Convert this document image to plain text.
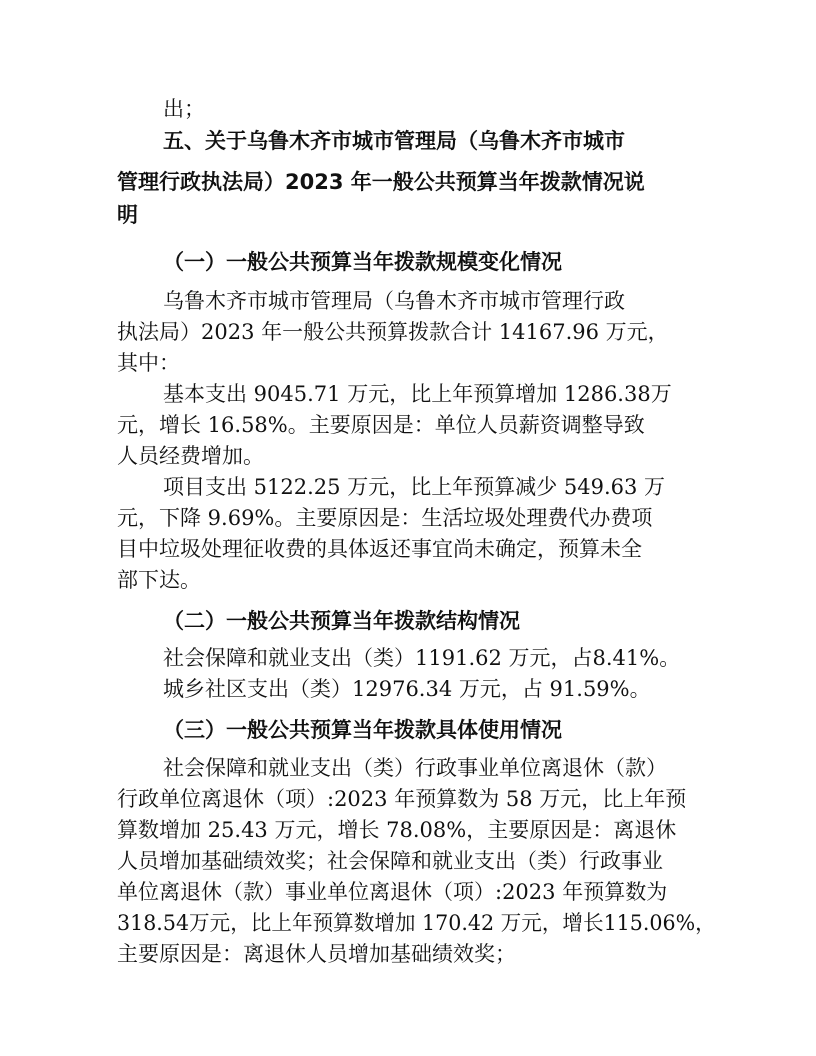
出；
五、关于乌鲁木齐市城市管理局（乌鲁木齐市城市
管理行政执法局）2023 年一般公共预算当年拨款情况说
明
（一）一般公共预算当年拨款规模变化情况
乌鲁木齐市城市管理局（乌鲁木齐市城市管理行政
执法局）2023 年一般公共预算拨款合计 14167.96 万元，
其中：
基本支出 9045.71 万元，比上年预算增加 1286.38万
元，增长 16.58%。主要原因是：单位人员薪资调整导致
人员经费增加。
项目支出 5122.25 万元，比上年预算减少 549.63 万
元，下降 9.69%。主要原因是：生活垃圾处理费代办费项
目中垃圾处理征收费的具体返还事宜尚未确定，预算未全
部下达。
（二）一般公共预算当年拨款结构情况
社会保障和就业支出（类）1191.62 万元，占8.41%。
城乡社区支出（类）12976.34 万元，占 91.59%。
（三）一般公共预算当年拨款具体使用情况
社会保障和就业支出（类）行政事业单位离退休（款）
行政单位离退休（项）:2023 年预算数为 58 万元，比上年预
算数增加 25.43 万元，增长 78.08%，主要原因是：离退休
人员增加基础绩效奖；社会保障和就业支出（类）行政事业
单位离退休（款）事业单位离退休（项）:2023 年预算数为
318.54万元，比上年预算数增加 170.42 万元，增长115.06%，
主要原因是：离退休人员增加基础绩效奖；
